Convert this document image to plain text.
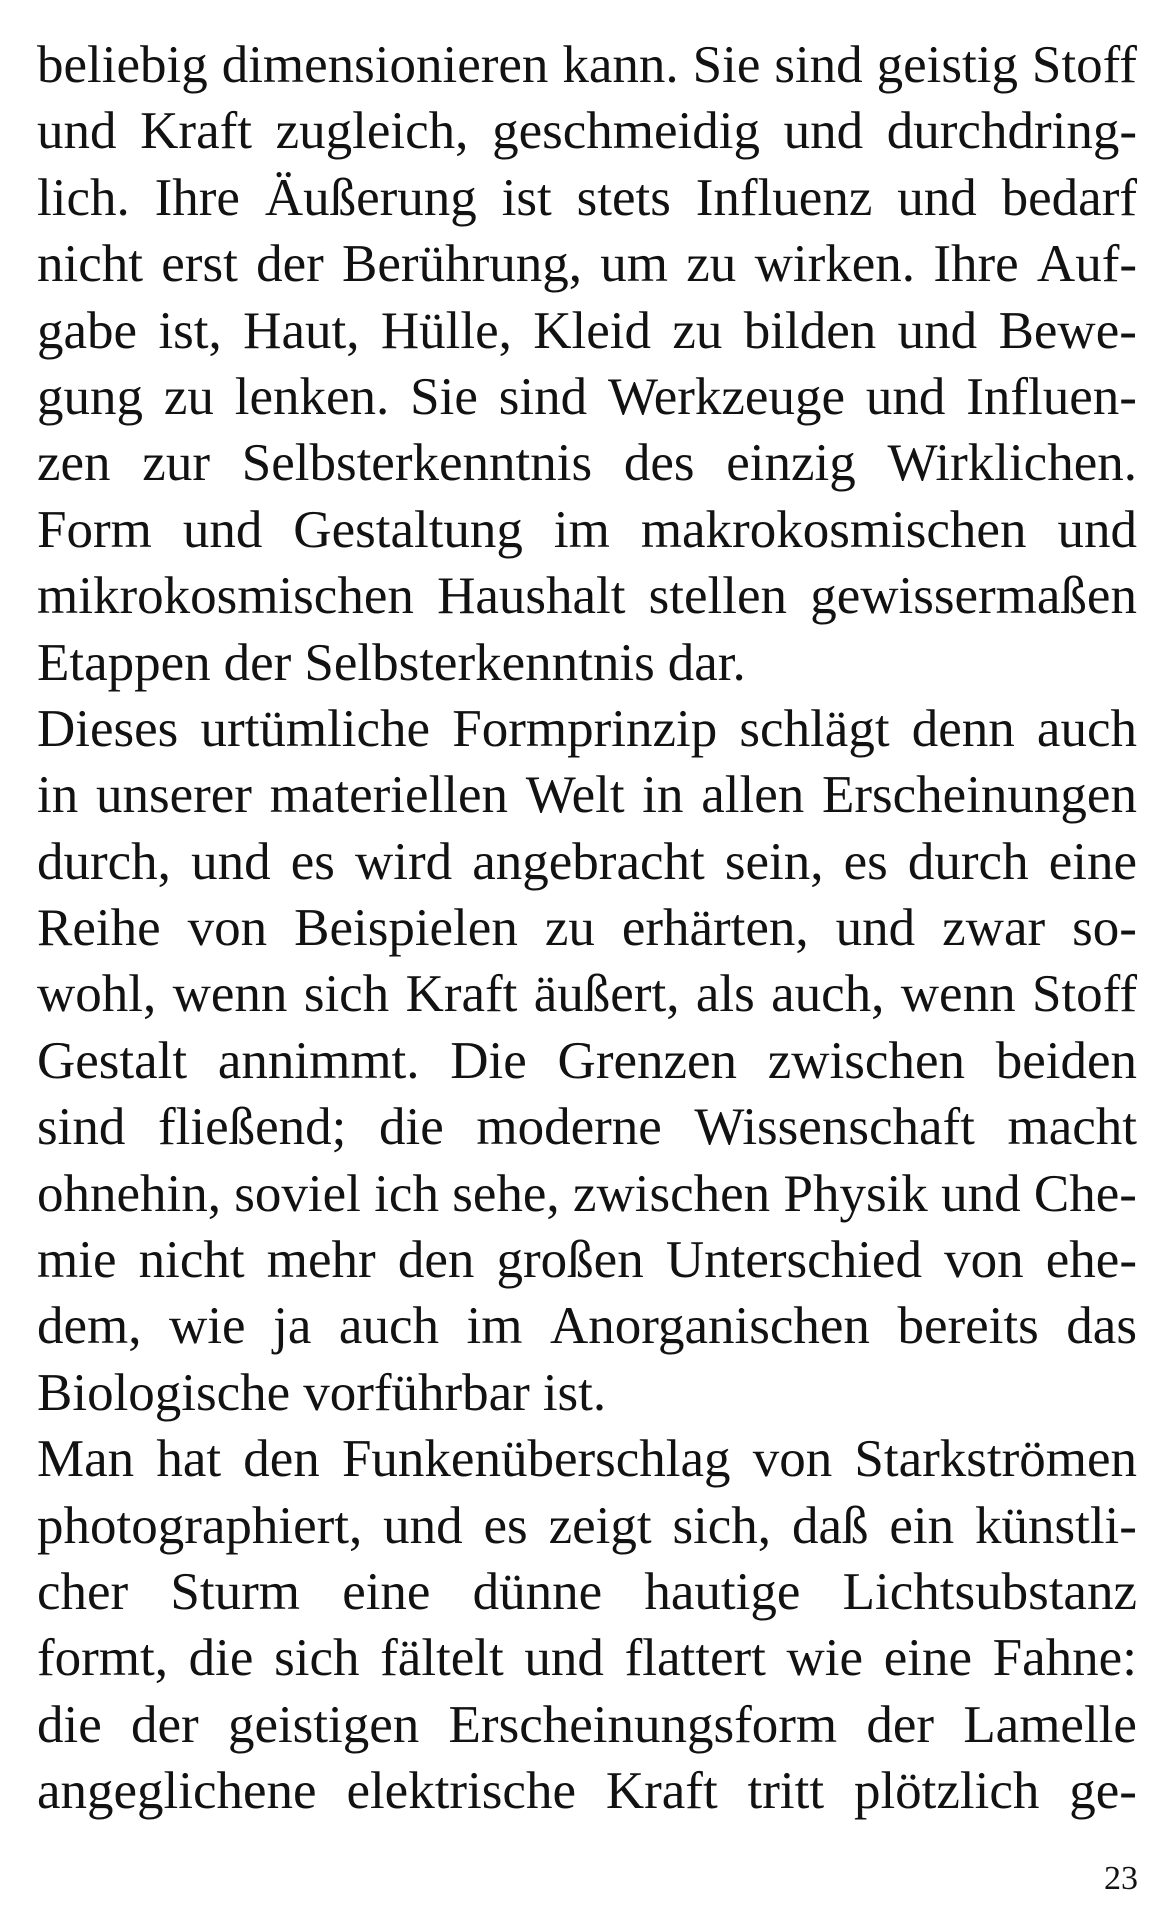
beliebig dimensionieren kann. Sie sind geistig Stoff
und Kraft zugleich, geschmeidig und durchdring-
lich. Ihre Äußerung ist stets Influenz und bedarf
nicht erst der Berührung, um zu wirken. Ihre Auf-
gabe ist, Haut, Hülle, Kleid zu bilden und Bewe-
gung zu lenken. Sie sind Werkzeuge und Influen-
zen zur Selbsterkenntnis des einzig Wirklichen.
Form und Gestaltung im makrokosmischen und
mikrokosmischen Haushalt stellen gewissermaßen
Etappen der Selbsterkenntnis dar.
Dieses urtümliche Formprinzip schlägt denn auch
in unserer materiellen Welt in allen Erscheinungen
durch, und es wird angebracht sein, es durch eine
Reihe von Beispielen zu erhärten, und zwar so-
wohl, wenn sich Kraft äußert, als auch, wenn Stoff
Gestalt annimmt. Die Grenzen zwischen beiden
sind fließend; die moderne Wissenschaft macht
ohnehin, soviel ich sehe, zwischen Physik und Che-
mie nicht mehr den großen Unterschied von ehe-
dem, wie ja auch im Anorganischen bereits das
Biologische vorführbar ist.
Man hat den Funkenüberschlag von Starkströmen
photographiert, und es zeigt sich, daß ein künstli-
cher Sturm eine dünne hautige Lichtsubstanz
formt, die sich fältelt und flattert wie eine Fahne:
die der geistigen Erscheinungsform der Lamelle
angeglichene elektrische Kraft tritt plötzlich ge-
23
